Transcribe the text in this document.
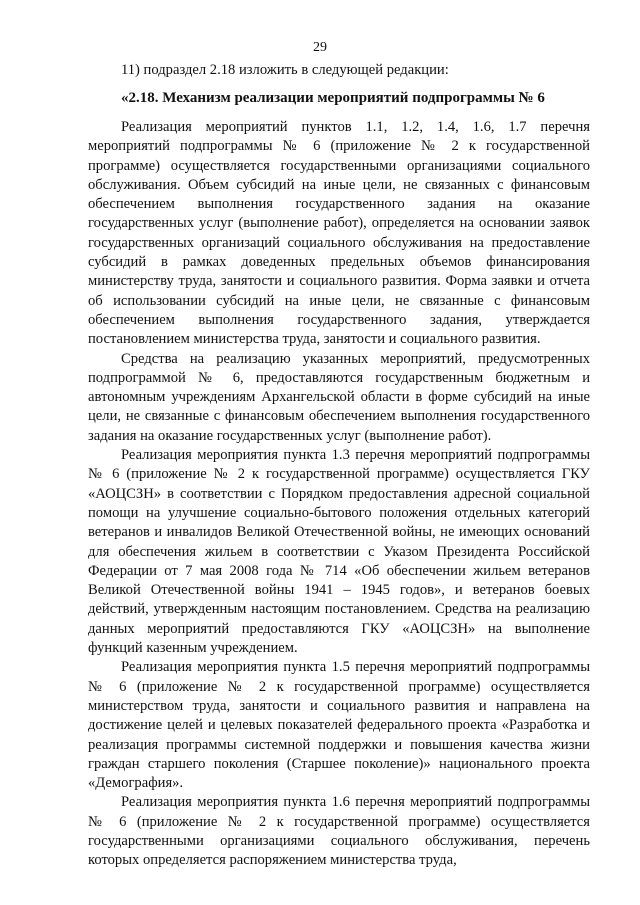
29
11) подраздел 2.18 изложить в следующей редакции:
«2.18. Механизм реализации мероприятий подпрограммы № 6

Реализация мероприятий пунктов 1.1, 1.2, 1.4, 1.6, 1.7 перечня мероприятий подпрограммы № 6 (приложение № 2 к государственной программе) осуществляется государственными организациями социального обслуживания. Объем субсидий на иные цели, не связанных с финансовым обеспечением выполнения государственного задания на оказание государственных услуг (выполнение работ), определяется на основании заявок государственных организаций социального обслуживания на предоставление субсидий в рамках доведенных предельных объемов финансирования министерству труда, занятости и социального развития. Форма заявки и отчета об использовании субсидий на иные цели, не связанные с финансовым обеспечением выполнения государственного задания, утверждается постановлением министерства труда, занятости и социального развития.

Средства на реализацию указанных мероприятий, предусмотренных подпрограммой № 6, предоставляются государственным бюджетным и автономным учреждениям Архангельской области в форме субсидий на иные цели, не связанные с финансовым обеспечением выполнения государственного задания на оказание государственных услуг (выполнение работ).

Реализация мероприятия пункта 1.3 перечня мероприятий подпрограммы № 6 (приложение № 2 к государственной программе) осуществляется ГКУ «АОЦСЗН» в соответствии с Порядком предоставления адресной социальной помощи на улучшение социально-бытового положения отдельных категорий ветеранов и инвалидов Великой Отечественной войны, не имеющих оснований для обеспечения жильем в соответствии с Указом Президента Российской Федерации от 7 мая 2008 года № 714 «Об обеспечении жильем ветеранов Великой Отечественной войны 1941 – 1945 годов», и ветеранов боевых действий, утвержденным настоящим постановлением. Средства на реализацию данных мероприятий предоставляются ГКУ «АОЦСЗН» на выполнение функций казенным учреждением.

Реализация мероприятия пункта 1.5 перечня мероприятий подпрограммы № 6 (приложение № 2 к государственной программе) осуществляется министерством труда, занятости и социального развития и направлена на достижение целей и целевых показателей федерального проекта «Разработка и реализация программы системной поддержки и повышения качества жизни граждан старшего поколения (Старшее поколение)» национального проекта «Демография».

Реализация мероприятия пункта 1.6 перечня мероприятий подпрограммы № 6 (приложение № 2 к государственной программе) осуществляется государственными организациями социального обслуживания, перечень которых определяется распоряжением министерства труда,
